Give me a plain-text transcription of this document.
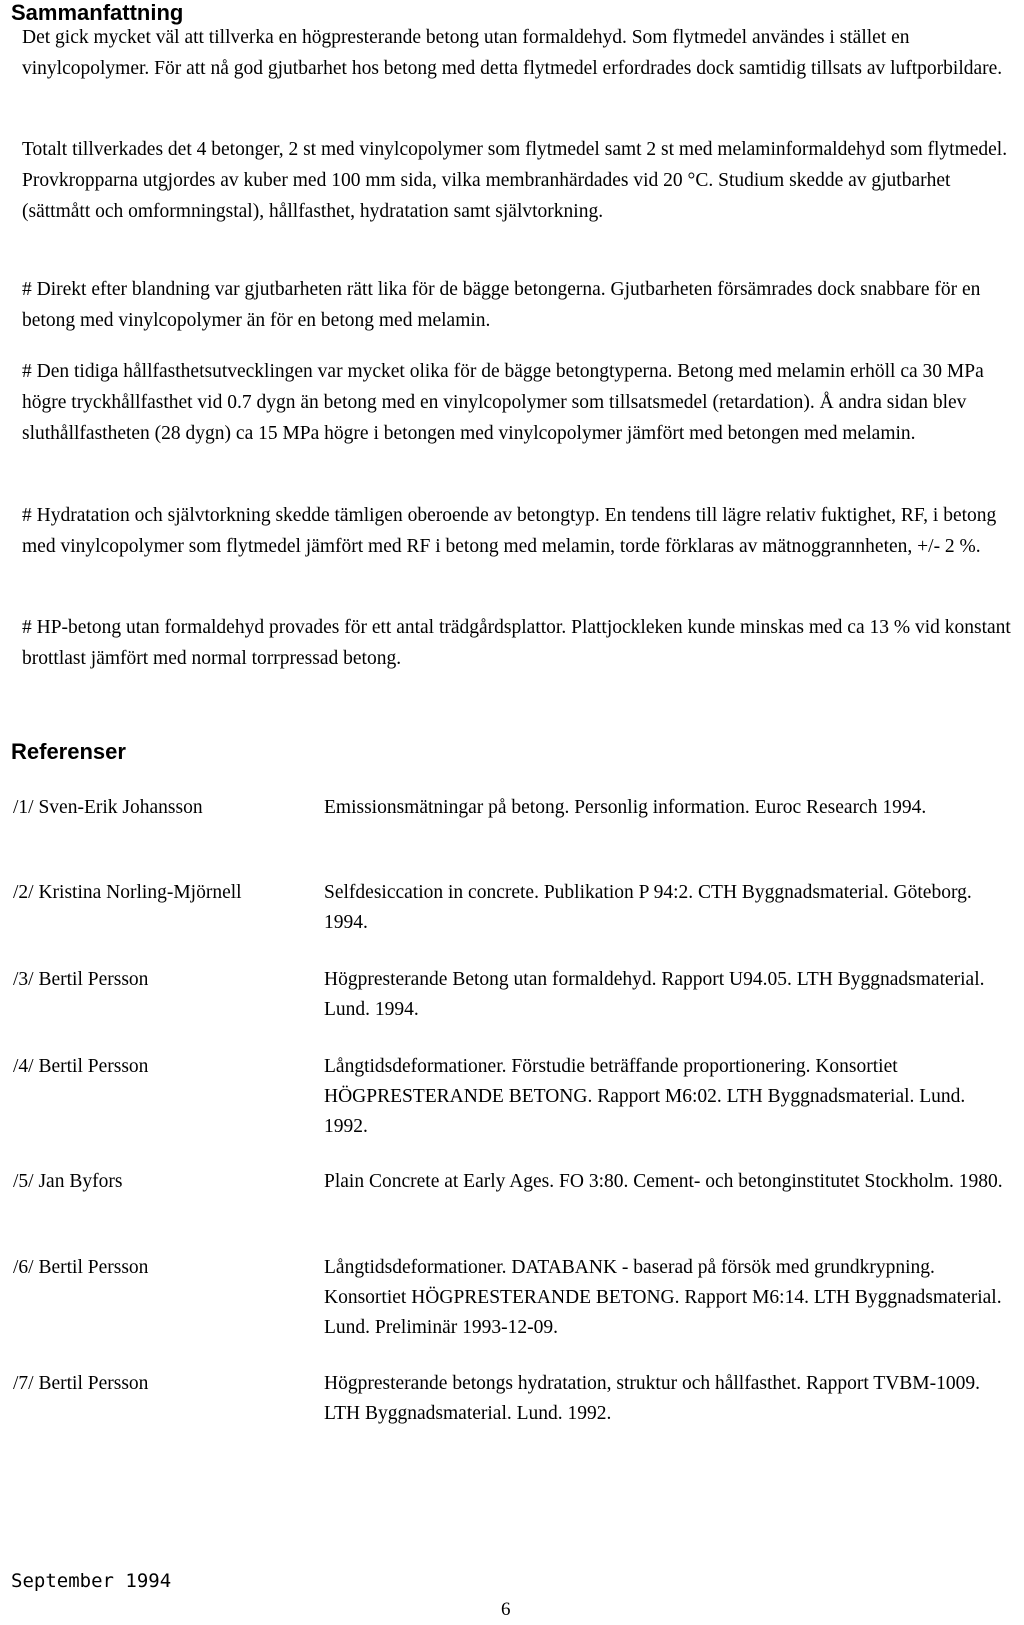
Sammanfattning

Det gick mycket väl att tillverka en högpresterande betong utan formaldehyd. Som flytmedel användes i stället en vinylcopolymer. För att nå god gjutbarhet hos betong med detta flytmedel erfordrades dock samtidig tillsats av luftporbildare.

Totalt tillverkades det 4 betonger, 2 st med vinylcopolymer som flytmedel samt 2 st med melaminformaldehyd som flytmedel. Provkropparna utgjordes av kuber med 100 mm sida, vilka membranhärdades vid 20 °C. Studium skedde av gjutbarhet (sättmått och omformningstal), hållfasthet, hydratation samt självtorkning.

# Direkt efter blandning var gjutbarheten rätt lika för de bägge betongerna. Gjutbarheten försämrades dock snabbare för en betong med vinylcopolymer än för en betong med melamin.

# Den tidiga hållfasthetsutvecklingen var mycket olika för de bägge betongtyperna. Betong med melamin erhöll ca 30 MPa högre tryckhållfasthet vid 0.7 dygn än betong med en vinylcopolymer som tillsatsmedel (retardation). Å andra sidan blev sluthållfastheten (28 dygn) ca 15 MPa högre i betongen med vinylcopolymer jämfört med betongen med melamin.

# Hydratation och självtorkning skedde tämligen oberoende av betongtyp. En tendens till lägre relativ fuktighet, RF, i betong med vinylcopolymer som flytmedel jämfört med RF i betong med melamin, torde förklaras av mätnoggrannheten, +/- 2 %.

# HP-betong utan formaldehyd provades för ett antal trädgårdsplattor. Plattjockleken kunde minskas med ca 13 % vid konstant brottlast jämfört med normal torrpressad betong.

Referenser
/1/ Sven-Erik Johansson	Emissionsmätningar på betong. Personlig information. Euroc Research 1994.
/2/ Kristina Norling-Mjörnell	Selfdesiccation in concrete. Publikation P 94:2. CTH Byggnadsmaterial. Göteborg. 1994.
/3/ Bertil Persson	Högpresterande Betong utan formaldehyd. Rapport U94.05. LTH Byggnadsmaterial. Lund. 1994.
/4/ Bertil Persson	Långtidsdeformationer. Förstudie beträffande proportionering. Konsortiet HÖGPRESTERANDE BETONG. Rapport M6:02. LTH Byggnadsmaterial. Lund. 1992.
/5/ Jan Byfors	Plain Concrete at Early Ages. FO 3:80. Cement- och betonginstitutet Stockholm. 1980.
/6/ Bertil Persson	Långtidsdeformationer. DATABANK - baserad på försök med grundkrypning. Konsortiet HÖGPRESTERANDE BETONG. Rapport M6:14. LTH Byggnadsmaterial. Lund. Preliminär 1993-12-09.
/7/ Bertil Persson	Högpresterande betongs hydratation, struktur och hållfasthet. Rapport TVBM-1009. LTH Byggnadsmaterial. Lund. 1992.
September 1994
6
